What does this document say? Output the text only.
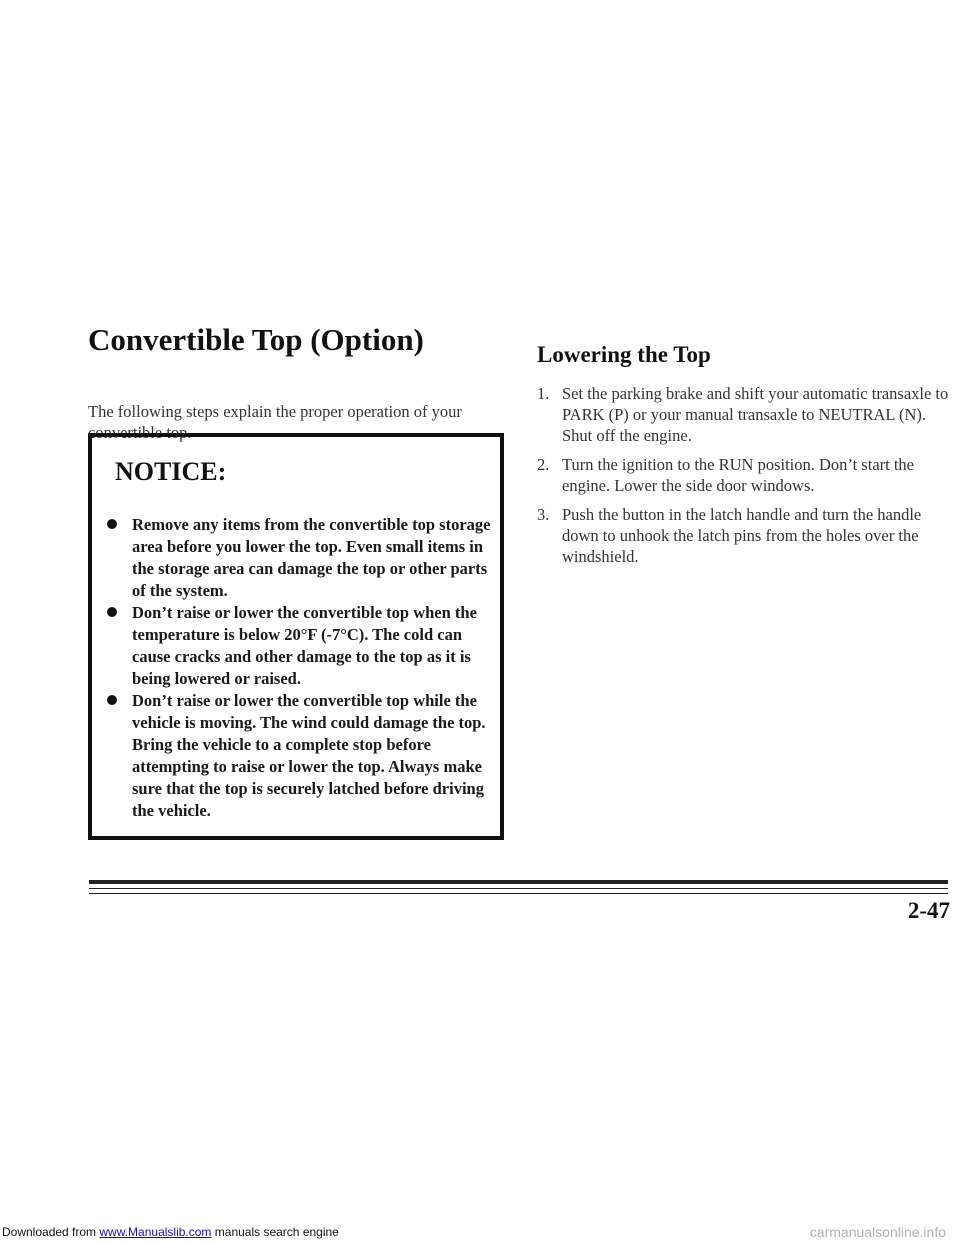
Convertible Top (Option)

The following steps explain the proper operation of your convertible top.

NOTICE:
Remove any items from the convertible top storage area before you lower the top. Even small items in the storage area can damage the top or other parts of the system.
Don’t raise or lower the convertible top when the temperature is below 20°F (-7°C). The cold can cause cracks and other damage to the top as it is being lowered or raised.
Don’t raise or lower the convertible top while the vehicle is moving. The wind could damage the top. Bring the vehicle to a complete stop before attempting to raise or lower the top. Always make sure that the top is securely latched before driving the vehicle.
Lowering the Top
1. Set the parking brake and shift your automatic transaxle to PARK (P) or your manual transaxle to NEUTRAL (N). Shut off the engine.
2. Turn the ignition to the RUN position. Don’t start the engine. Lower the side door windows.
3. Push the button in the latch handle and turn the handle down to unhook the latch pins from the holes over the windshield.
2-47
Downloaded from www.Manualslib.com manuals search engine	carmanualsonline.info
